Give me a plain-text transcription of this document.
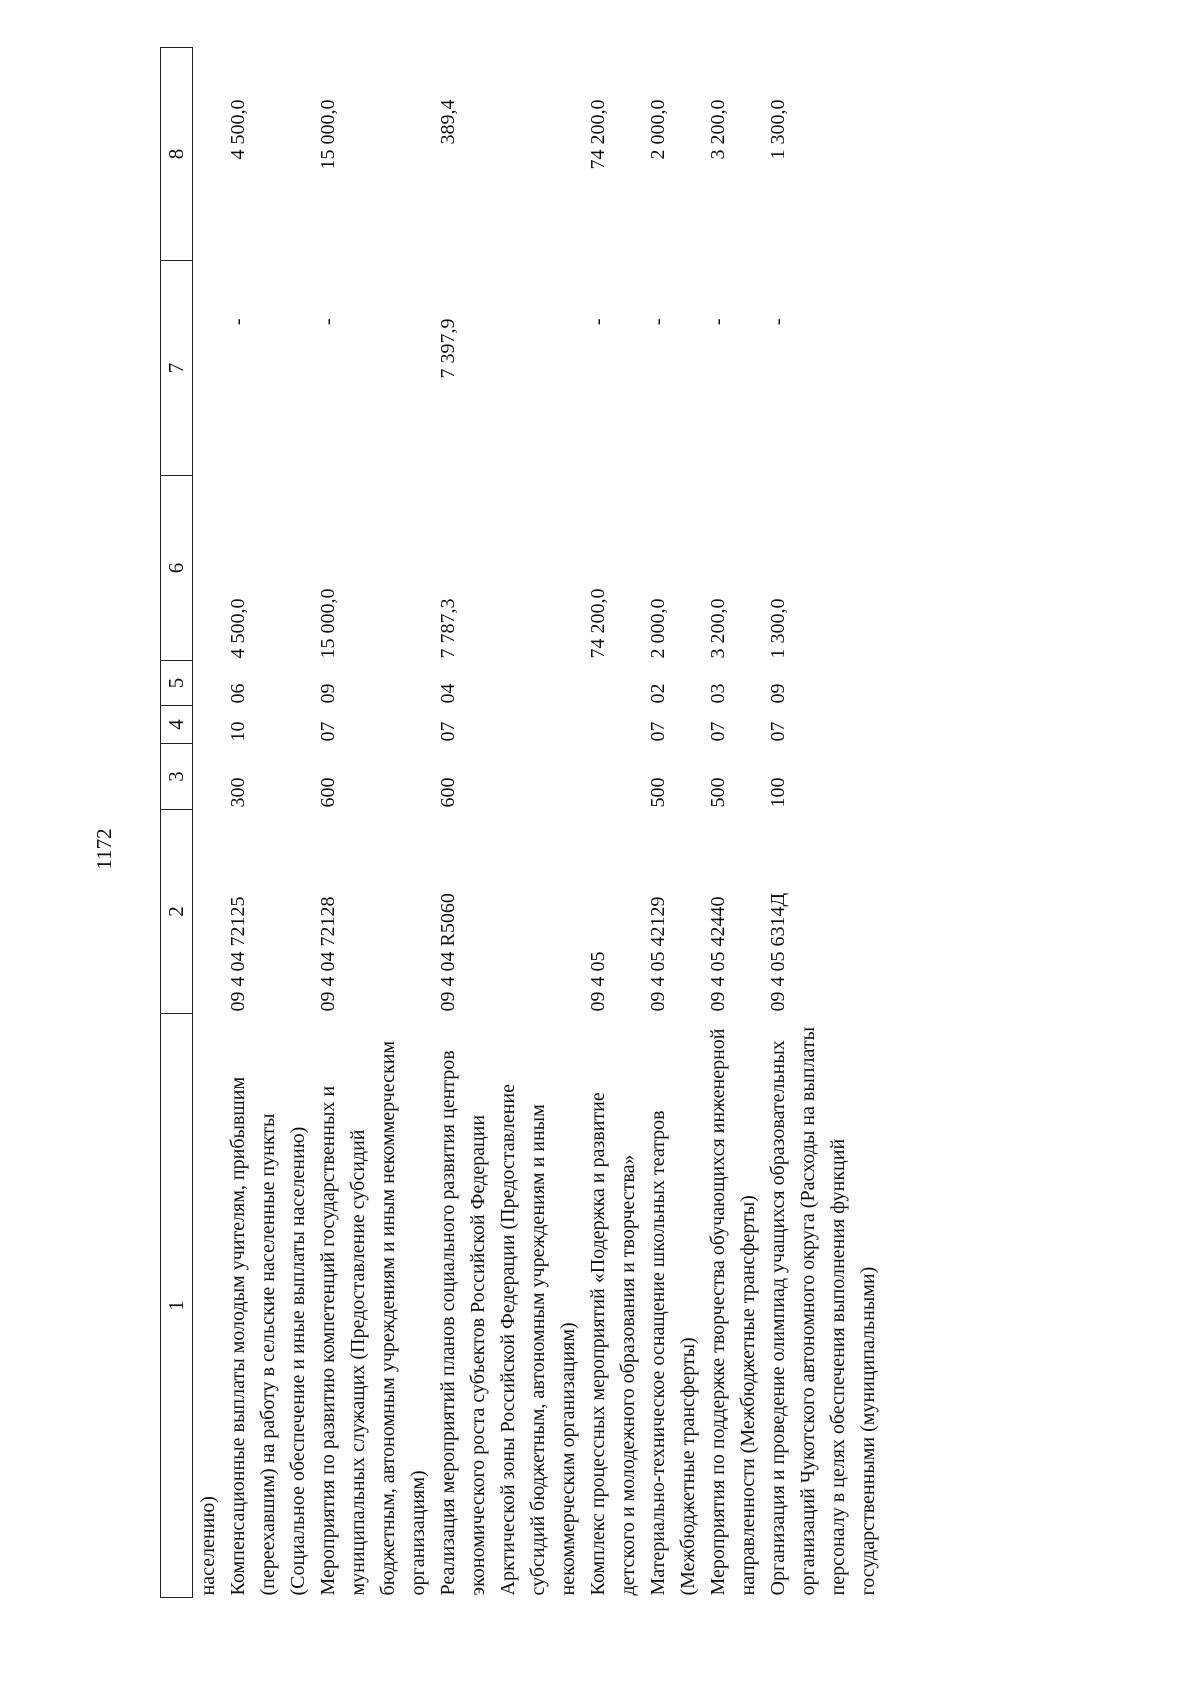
1172
1	2	3	4	5	6	7	8
населению)							
Компенсационные выплаты молодым учителям, прибывшим (переехавшим) на работу в сельские населенные пункты (Социальное обеспечение и иные выплаты населению)	09 4 04 72125	300	10	06	4 500,0	-	4 500,0
Мероприятия по развитию компетенций государственных и муниципальных служащих (Предоставление субсидий бюджетным, автономным учреждениям и иным некоммерческим организациям)	09 4 04 72128	600	07	09	15 000,0	-	15 000,0
Реализация мероприятий планов социального развития центров экономического роста субъектов Российской Федерации Арктической зоны Российской Федерации (Предоставление субсидий бюджетным, автономным учреждениям и иным некоммерческим организациям)	09 4 04 R5060	600	07	04	7 787,3	7 397,9	389,4
Комплекс процессных мероприятий «Подержка и развитие детского и молодежного образования и творчества»	09 4 05				74 200,0	-	74 200,0
Материально-техническое оснащение школьных театров (Межбюджетные трансферты)	09 4 05 42129	500	07	02	2 000,0	-	2 000,0
Мероприятия по поддержке творчества обучающихся инженерной направленности (Межбюджетные трансферты)	09 4 05 42440	500	07	03	3 200,0	-	3 200,0
Организация и проведение олимпиад учащихся образовательных организаций Чукотского автономного округа (Расходы на выплаты персоналу в целях обеспечения выполнения функций государственными (муниципальными)	09 4 05 6314Д	100	07	09	1 300,0	-	1 300,0
